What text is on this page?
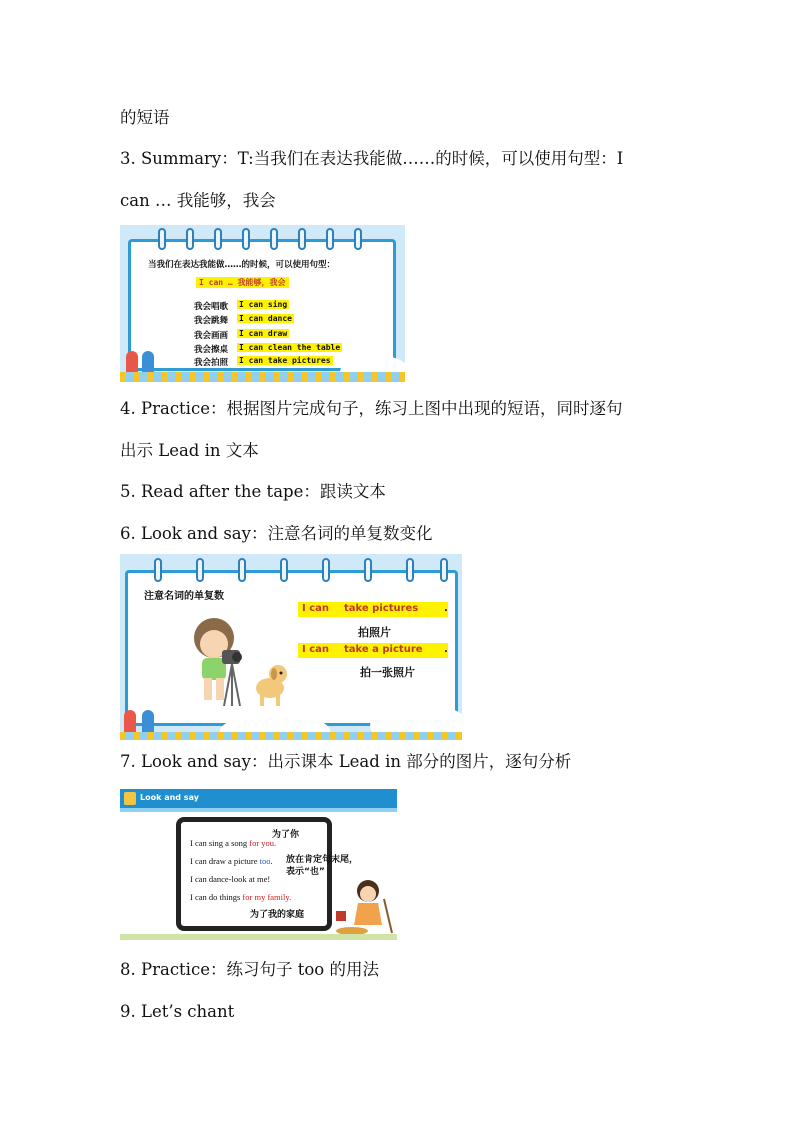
的短语
3. Summary：T:当我们在表达我能做……的时候，可以使用句型：I
can … 我能够，我会
当我们在表达我能做……的时候，可以使用句型：
I can … 我能够，我会
我会唱歌 I can sing
我会跳舞 I can dance
我会画画 I can draw
我会擦桌 I can clean the table
我会拍照 I can take pictures
4. Practice：根据图片完成句子，练习上图中出现的短语，同时逐句
出示 Lead in 文本
5. Read after the tape：跟读文本
6. Look and say：注意名词的单复数变化
注意名词的单复数
I can take pictures	.
拍照片
I can take a picture .
拍一张照片
7. Look and say：出示课本 Lead in 部分的图片，逐句分析
Look and say
I can sing a song for you.
I can draw a picture too.
I can dance-look at me!
I can do things for my family.
为了你
放在肯定句末尾，
表示“也”
为了我的家庭
8. Practice：练习句子 too 的用法
9. Let’s chant
